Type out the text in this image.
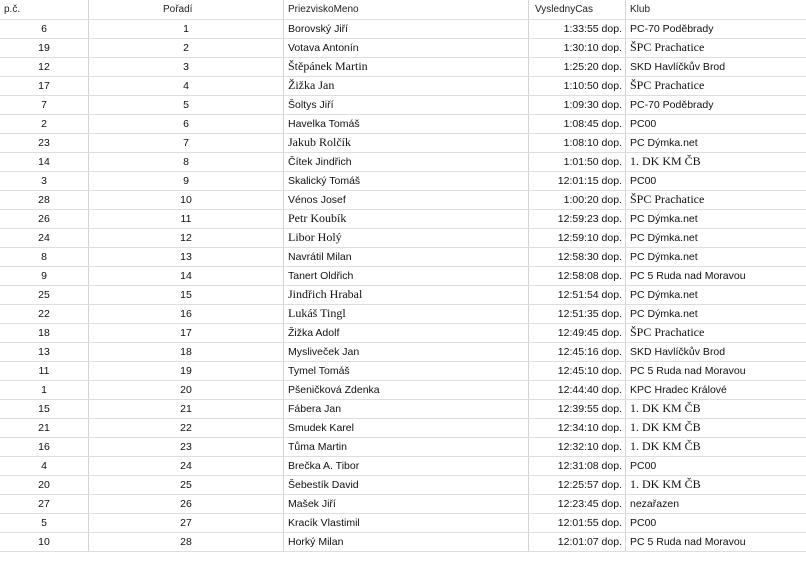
p.č.	Pořadí	PriezviskoMeno	VyslednyCas	Klub
6	1	Borovský Jiří	1:33:55 dop.	PC-70 Poděbrady
19	2	Votava Antonín	1:30:10 dop.	ŠPC Prachatice
12	3	Štěpánek Martin	1:25:20 dop.	SKD Havlíčkův Brod
17	4	Žižka Jan	1:10:50 dop.	ŠPC Prachatice
7	5	Šoltys Jiří	1:09:30 dop.	PC-70 Poděbrady
2	6	Havelka Tomáš	1:08:45 dop.	PC00
23	7	Jakub Rolčík	1:08:10 dop.	PC Dýmka.net
14	8	Čítek Jindřich	1:01:50 dop.	1. DK KM ČB
3	9	Skalický Tomáš	12:01:15 dop.	PC00
28	10	Vénos Josef	1:00:20 dop.	ŠPC Prachatice
26	11	Petr Koubík	12:59:23 dop.	PC Dýmka.net
24	12	Libor Holý	12:59:10 dop.	PC Dýmka.net
8	13	Navrátil Milan	12:58:30 dop.	PC Dýmka.net
9	14	Tanert Oldřich	12:58:08 dop.	PC 5 Ruda nad Moravou
25	15	Jindřich Hrabal	12:51:54 dop.	PC Dýmka.net
22	16	Lukáš Tingl	12:51:35 dop.	PC Dýmka.net
18	17	Žižka Adolf	12:49:45 dop.	ŠPC Prachatice
13	18	Mysliveček Jan	12:45:16 dop.	SKD Havlíčkův Brod
11	19	Tymel Tomáš	12:45:10 dop.	PC 5 Ruda nad Moravou
1	20	Pšeničková Zdenka	12:44:40 dop.	KPC Hradec Králové
15	21	Fábera Jan	12:39:55 dop.	1. DK KM ČB
21	22	Smudek Karel	12:34:10 dop.	1. DK KM ČB
16	23	Tůma Martin	12:32:10 dop.	1. DK KM ČB
4	24	Brečka A. Tibor	12:31:08 dop.	PC00
20	25	Šebestík David	12:25:57 dop.	1. DK KM ČB
27	26	Mašek Jiří	12:23:45 dop.	nezařazen
5	27	Kracík Vlastimil	12:01:55 dop.	PC00
10	28	Horký Milan	12:01:07 dop.	PC 5 Ruda nad Moravou
